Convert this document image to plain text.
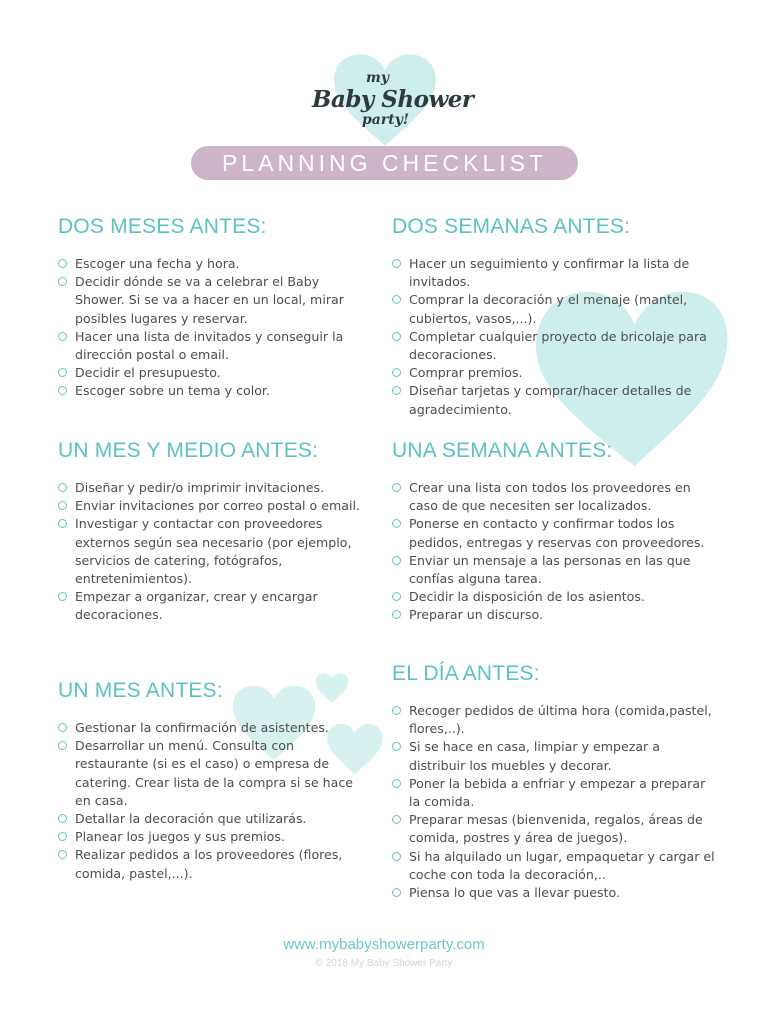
my
Baby Shower
party!
PLANNING CHECKLIST
DOS MESES ANTES:
Escoger una fecha y hora.
Decidir dónde se va a celebrar el Baby Shower. Si se va a hacer en un local, mirar posibles lugares y reservar.
Hacer una lista de invitados y conseguir la dirección postal o email.
Decidir el presupuesto.
Escoger sobre un tema y color.
UN MES Y MEDIO ANTES:
Diseñar y pedir/o imprimir invitaciones.
Enviar invitaciones por correo postal o email.
Investigar y contactar con proveedores externos según sea necesario (por ejemplo, servicios de catering, fotógrafos, entretenimientos).
Empezar a organizar, crear y encargar decoraciones.
UN MES ANTES:
Gestionar la confirmación de asistentes.
Desarrollar un menú. Consulta con restaurante (si es el caso) o empresa de catering. Crear lista de la compra si se hace en casa.
Detallar la decoración que utilizarás.
Planear los juegos y sus premios.
Realizar pedidos a los proveedores (flores, comida, pastel,...).
DOS SEMANAS ANTES:
Hacer un seguimiento y confirmar la lista de invitados.
Comprar la decoración y el menaje (mantel, cubiertos, vasos,...).
Completar cualquier proyecto de bricolaje para decoraciones.
Comprar premios.
Diseñar tarjetas y comprar/hacer detalles de agradecimiento.
UNA SEMANA ANTES:
Crear una lista con todos los proveedores en caso de que necesiten ser localizados.
Ponerse en contacto y confirmar todos los pedidos, entregas y reservas con proveedores.
Enviar un mensaje a las personas en las que confías alguna tarea.
Decidir la disposición de los asientos.
Preparar un discurso.
EL DÍA ANTES:
Recoger pedidos de última hora (comida,pastel, flores,..).
Si se hace en casa, limpiar y empezar a distribuir los muebles y decorar.
Poner la bebida a enfriar y empezar a preparar la comida.
Preparar mesas (bienvenida, regalos, áreas de comida, postres y área de juegos).
Si ha alquilado un lugar, empaquetar y cargar el coche con toda la decoración,..
Piensa lo que vas a llevar puesto.
www.mybabyshowerparty.com
© 2018 My Baby Shower Party
